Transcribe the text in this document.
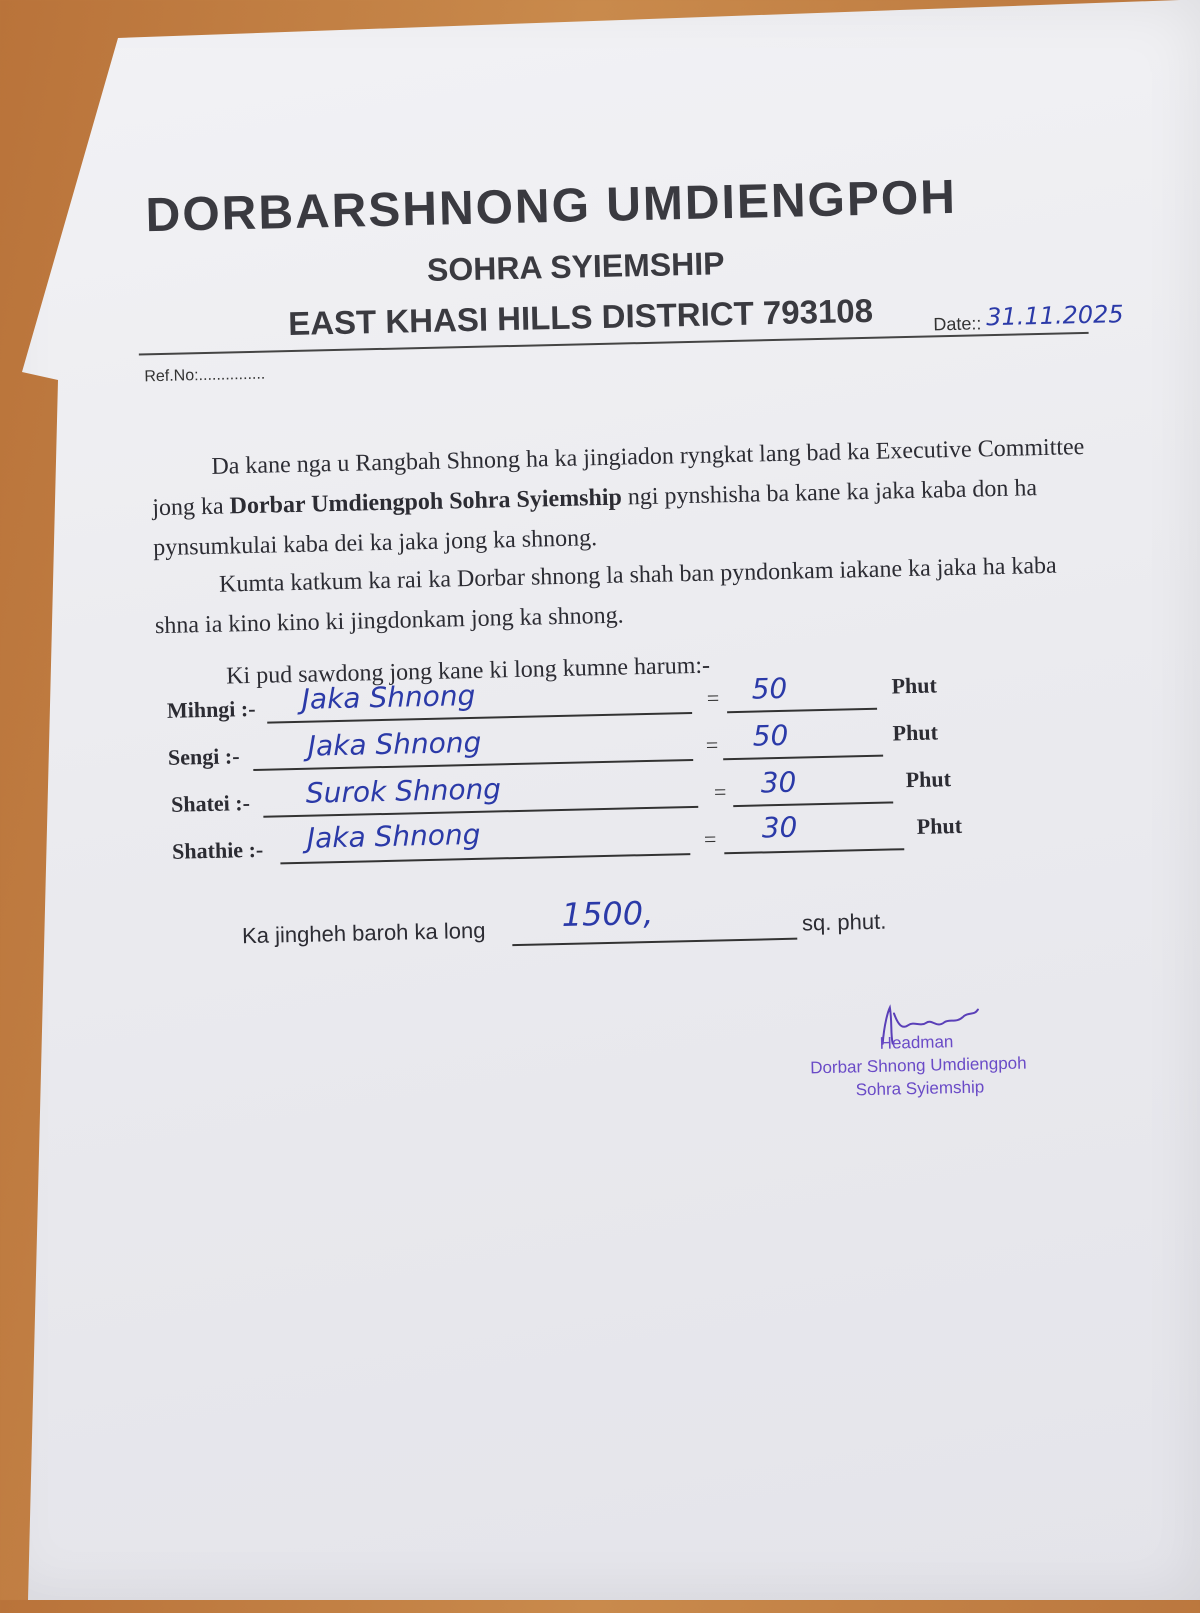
DORBARSHNONG UMDIENGPOH
SOHRA SYIEMSHIP
EAST KHASI HILLS DISTRICT 793108	Date:: 31.11.2025
Ref.No:...............
Da kane nga u Rangbah Shnong ha ka jingiadon ryngkat lang bad ka Executive Committee jong ka Dorbar Umdiengpoh Sohra Syiemship ngi pynshisha ba kane ka jaka kaba don ha pynsumkulai kaba dei ka jaka jong ka shnong.
Kumta katkum ka rai ka Dorbar shnong la shah ban pyndonkam iakane ka jaka ha kaba shna ia kino kino ki jingdonkam jong ka shnong.
Ki pud sawdong jong kane ki long kumne harum:-
Mihngi :- Jaka Shnong	= 50	Phut
Sengi :- Jaka Shnong	= 50	Phut
Shatei :- Surok Shnong	= 30	Phut
Shathie :- Jaka Shnong	= 30	Phut
Ka jingheh baroh ka long 1500,	sq. phut.
Headman
Dorbar Shnong Umdiengpoh
Sohra Syiemship
